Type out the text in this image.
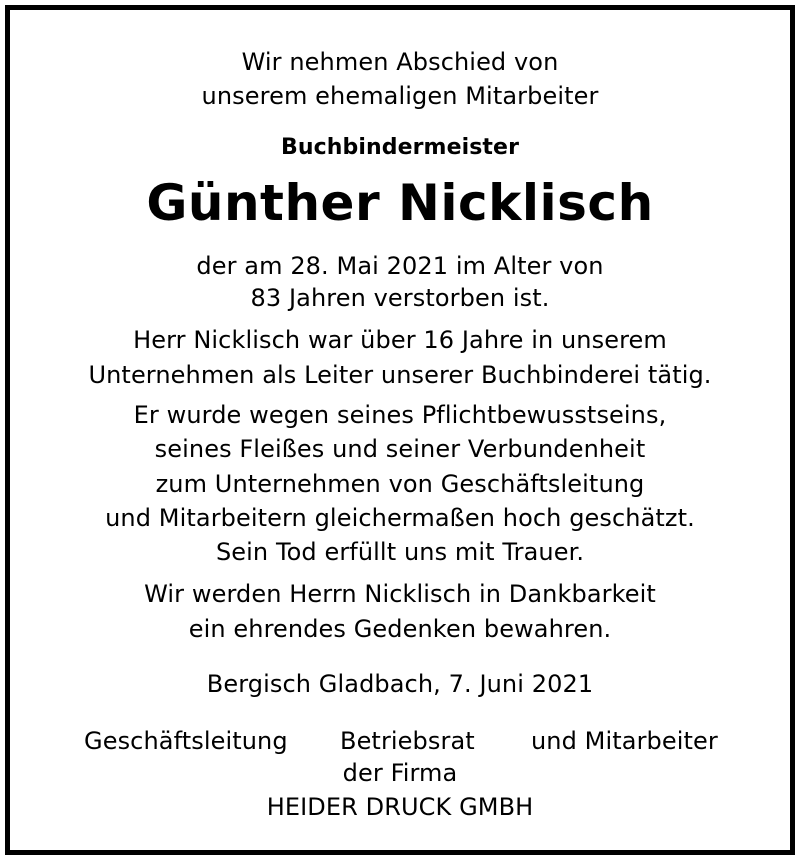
Wir nehmen Abschied von
unserem ehemaligen Mitarbeiter
Buchbindermeister
Günther Nicklisch
der am 28. Mai 2021 im Alter von
83 Jahren verstorben ist.
Herr Nicklisch war über 16 Jahre in unserem
Unternehmen als Leiter unserer Buchbinderei tätig.
Er wurde wegen seines Pflichtbewusstseins,
seines Fleißes und seiner Verbundenheit
zum Unternehmen von Geschäftsleitung
und Mitarbeitern gleichermaßen hoch geschätzt.
Sein Tod erfüllt uns mit Trauer.
Wir werden Herrn Nicklisch in Dankbarkeit
ein ehrendes Gedenken bewahren.
Bergisch Gladbach, 7. Juni 2021
Geschäftsleitung Betriebsrat und Mitarbeiter
der Firma
HEIDER DRUCK GMBH
